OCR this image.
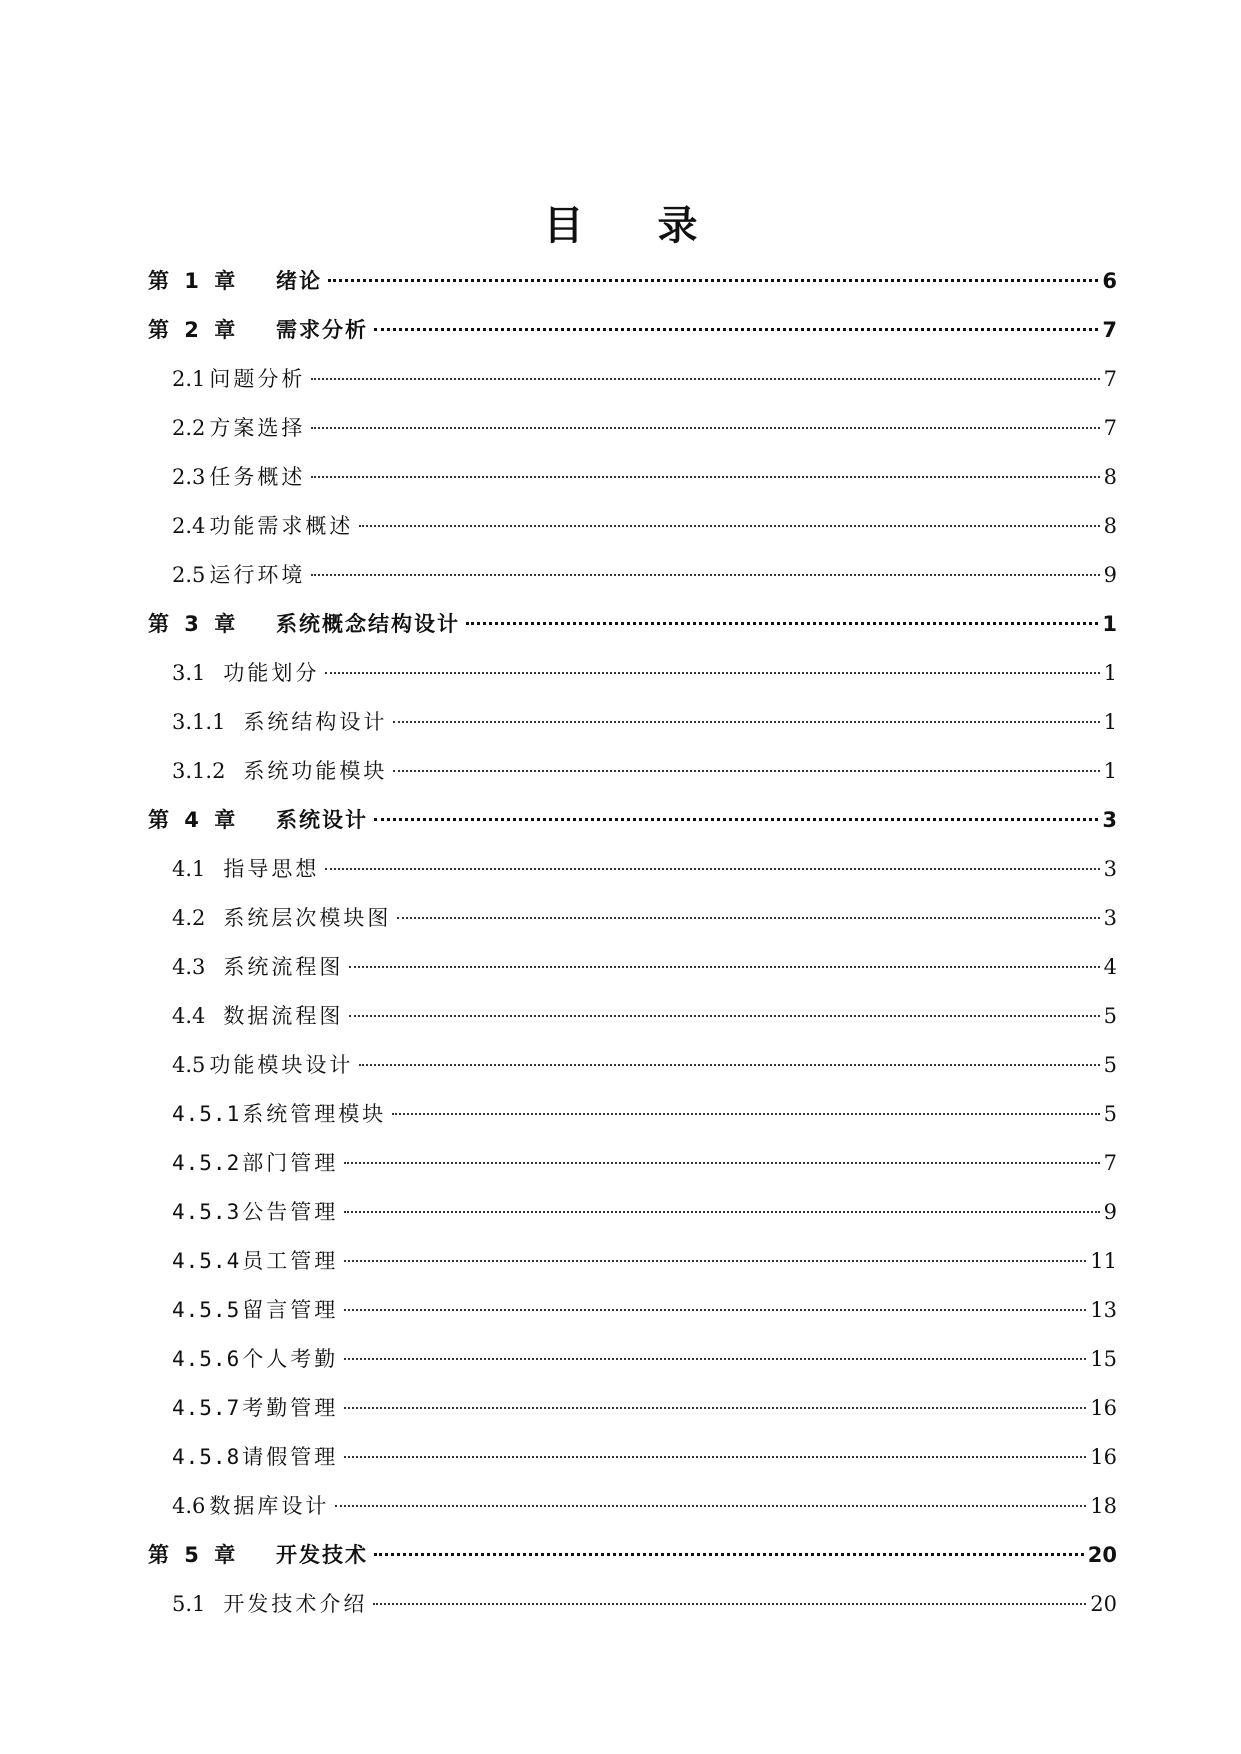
目 录
第 1 章	绪论	6
第 2 章	需求分析	7
2.1 问题分析	7
2.2 方案选择	7
2.3 任务概述	8
2.4 功能需求概述	8
2.5 运行环境	9
第 3 章	系统概念结构设计	1
3.1 功能划分	1
3.1.1 系统结构设计	1
3.1.2 系统功能模块	1
第 4 章	系统设计	3
4.1 指导思想	3
4.2 系统层次模块图	3
4.3 系统流程图	4
4.4 数据流程图	5
4.5 功能模块设计	5
4.5.1 系统管理模块	5
4.5.2 部门管理	7
4.5.3 公告管理	9
4.5.4 员工管理	11
4.5.5 留言管理	13
4.5.6 个人考勤	15
4.5.7 考勤管理	16
4.5.8 请假管理	16
4.6 数据库设计	18
第 5 章	开发技术	20
5.1 开发技术介绍	20
